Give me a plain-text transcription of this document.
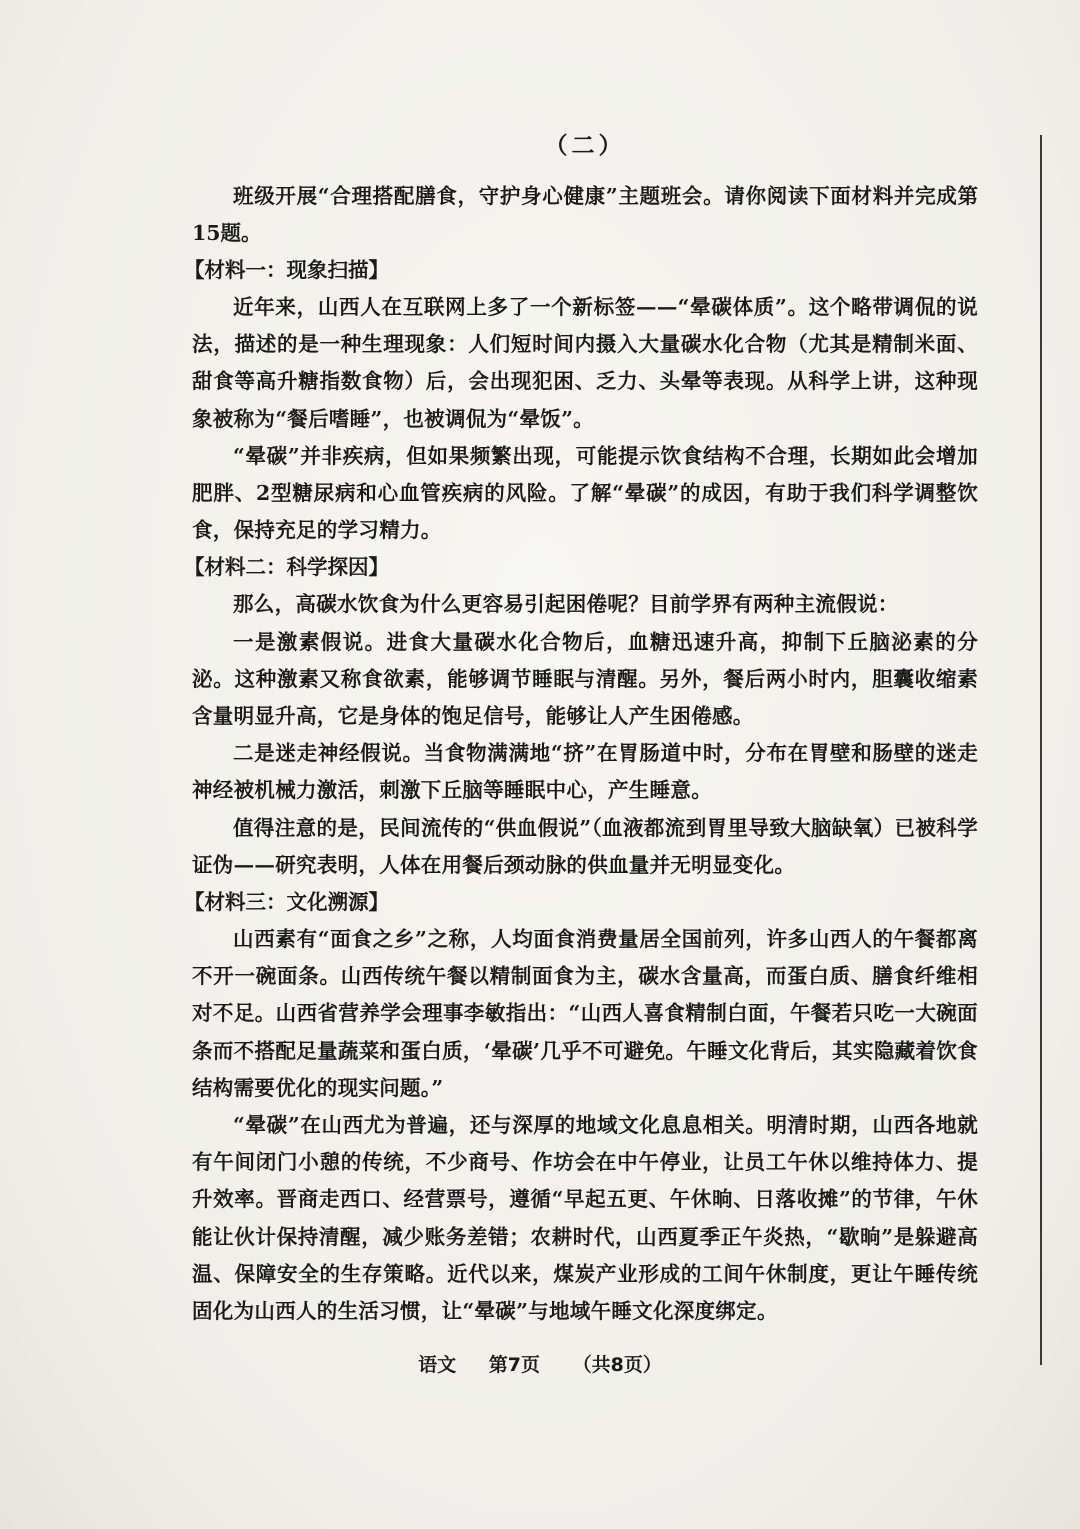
（二）

班级开展“合理搭配膳食，守护身心健康”主题班会。请你阅读下面材料并完成第15题。

【材料一：现象扫描】

近年来，山西人在互联网上多了一个新标签——“晕碳体质”。这个略带调侃的说法，描述的是一种生理现象：人们短时间内摄入大量碳水化合物（尤其是精制米面、甜食等高升糖指数食物）后，会出现犯困、乏力、头晕等表现。从科学上讲，这种现象被称为“餐后嗜睡”，也被调侃为“晕饭”。

“晕碳”并非疾病，但如果频繁出现，可能提示饮食结构不合理，长期如此会增加肥胖、2型糖尿病和心血管疾病的风险。了解“晕碳”的成因，有助于我们科学调整饮食，保持充足的学习精力。

【材料二：科学探因】

那么，高碳水饮食为什么更容易引起困倦呢？目前学界有两种主流假说：

一是激素假说。进食大量碳水化合物后，血糖迅速升高，抑制下丘脑泌素的分泌。这种激素又称食欲素，能够调节睡眠与清醒。另外，餐后两小时内，胆囊收缩素含量明显升高，它是身体的饱足信号，能够让人产生困倦感。

二是迷走神经假说。当食物满满地“挤”在胃肠道中时，分布在胃壁和肠壁的迷走神经被机械力激活，刺激下丘脑等睡眠中心，产生睡意。

值得注意的是，民间流传的“供血假说”（血液都流到胃里导致大脑缺氧）已被科学证伪——研究表明，人体在用餐后颈动脉的供血量并无明显变化。

【材料三：文化溯源】

山西素有“面食之乡”之称，人均面食消费量居全国前列，许多山西人的午餐都离不开一碗面条。山西传统午餐以精制面食为主，碳水含量高，而蛋白质、膳食纤维相对不足。山西省营养学会理事李敏指出：“山西人喜食精制白面，午餐若只吃一大碗面条而不搭配足量蔬菜和蛋白质，‘晕碳’几乎不可避免。午睡文化背后，其实隐藏着饮食结构需要优化的现实问题。”

“晕碳”在山西尤为普遍，还与深厚的地域文化息息相关。明清时期，山西各地就有午间闭门小憩的传统，不少商号、作坊会在中午停业，让员工午休以维持体力、提升效率。晋商走西口、经营票号，遵循“早起五更、午休晌、日落收摊”的节律，午休能让伙计保持清醒，减少账务差错；农耕时代，山西夏季正午炎热，“歇晌”是躲避高温、保障安全的生存策略。近代以来，煤炭产业形成的工间午休制度，更让午睡传统固化为山西人的生活习惯，让“晕碳”与地域午睡文化深度绑定。

语文 第7页 （共8页）
